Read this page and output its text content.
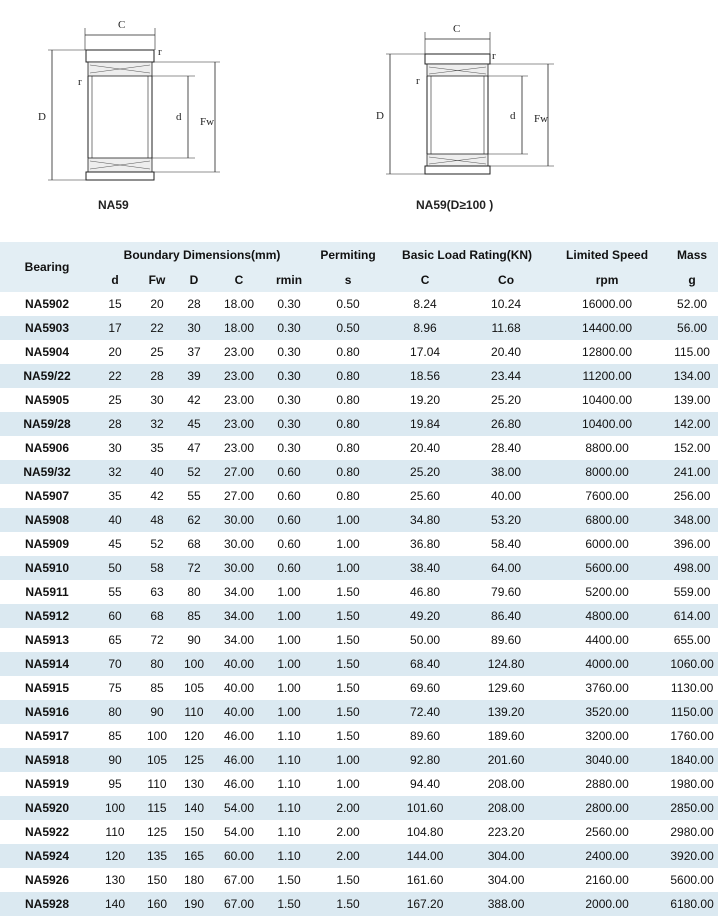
C
r
r
D	d Fw
NA59
C
r
r
D	d Fw
NA59(D≥100 )
Bearing	Boundary Dimensions(mm)					Permiting	Basic Load Rating(KN)		Limited Speed	Mass
	d	Fw	D	C	rmin	s	C	Co	rpm	g
NA5902	15	20	28	18.00	0.30	0.50	8.24	10.24	16000.00	52.00
NA5903	17	22	30	18.00	0.30	0.50	8.96	11.68	14400.00	56.00
NA5904	20	25	37	23.00	0.30	0.80	17.04	20.40	12800.00	115.00
NA59/22	22	28	39	23.00	0.30	0.80	18.56	23.44	11200.00	134.00
NA5905	25	30	42	23.00	0.30	0.80	19.20	25.20	10400.00	139.00
NA59/28	28	32	45	23.00	0.30	0.80	19.84	26.80	10400.00	142.00
NA5906	30	35	47	23.00	0.30	0.80	20.40	28.40	8800.00	152.00
NA59/32	32	40	52	27.00	0.60	0.80	25.20	38.00	8000.00	241.00
NA5907	35	42	55	27.00	0.60	0.80	25.60	40.00	7600.00	256.00
NA5908	40	48	62	30.00	0.60	1.00	34.80	53.20	6800.00	348.00
NA5909	45	52	68	30.00	0.60	1.00	36.80	58.40	6000.00	396.00
NA5910	50	58	72	30.00	0.60	1.00	38.40	64.00	5600.00	498.00
NA5911	55	63	80	34.00	1.00	1.50	46.80	79.60	5200.00	559.00
NA5912	60	68	85	34.00	1.00	1.50	49.20	86.40	4800.00	614.00
NA5913	65	72	90	34.00	1.00	1.50	50.00	89.60	4400.00	655.00
NA5914	70	80	100	40.00	1.00	1.50	68.40	124.80	4000.00	1060.00
NA5915	75	85	105	40.00	1.00	1.50	69.60	129.60	3760.00	1130.00
NA5916	80	90	110	40.00	1.00	1.50	72.40	139.20	3520.00	1150.00
NA5917	85	100	120	46.00	1.10	1.50	89.60	189.60	3200.00	1760.00
NA5918	90	105	125	46.00	1.10	1.00	92.80	201.60	3040.00	1840.00
NA5919	95	110	130	46.00	1.10	1.00	94.40	208.00	2880.00	1980.00
NA5920	100	115	140	54.00	1.10	2.00	101.60	208.00	2800.00	2850.00
NA5922	110	125	150	54.00	1.10	2.00	104.80	223.20	2560.00	2980.00
NA5924	120	135	165	60.00	1.10	2.00	144.00	304.00	2400.00	3920.00
NA5926	130	150	180	67.00	1.50	1.50	161.60	304.00	2160.00	5600.00
NA5928	140	160	190	67.00	1.50	1.50	167.20	388.00	2000.00	6180.00
